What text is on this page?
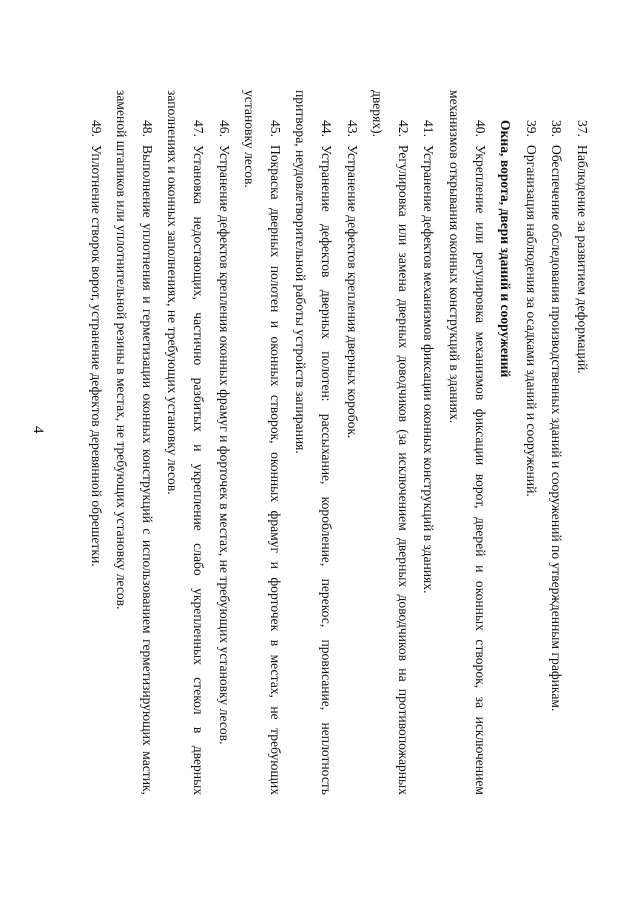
4
37.Наблюдение за развитием деформаций.
38.Обеспечение обследования производственных зданий и сооружений по утвержденным графикам.
39.Организация наблюдения за осадками зданий и сооружений.
Окна, ворота, двери зданий и сооружений
40.Укрепление или регулировка механизмов фиксации ворот, дверей и оконных створок, за исключением
механизмов открывания оконных конструкций в зданиях.
41.Устранение дефектов механизмов фиксации оконных конструкций в зданиях.
42.Регулировка или замена дверных доводчиков (за исключением дверных доводчиков на противопожарных
дверях).
43.Устранение дефектов крепления дверных коробок.
44.Устранение дефектов дверных полотен: рассыхание, коробление, перекос, провисание, неплотность
притвора, неудовлетворительной работы устройств запирания.
45.Покраска дверных полотен и оконных створок, оконных фрамуг и форточек в местах, не требующих
установку лесов.
46.Устранение дефектов крепления оконных фрамуг и форточек в местах, не требующих установку лесов.
47.Установка недостающих, частично разбитых и укрепление слабо укрепленных стекол в дверных
заполнениях и оконных заполнениях, не требующих установку лесов.
48.Выполнение уплотнения и герметизации оконных конструкций с использованием герметизирующих мастик,
заменой штапиков или уплотнительной резины в местах, не требующих установку лесов.
49.Уплотнение створок ворот, устранение дефектов деревянной обрешетки.
